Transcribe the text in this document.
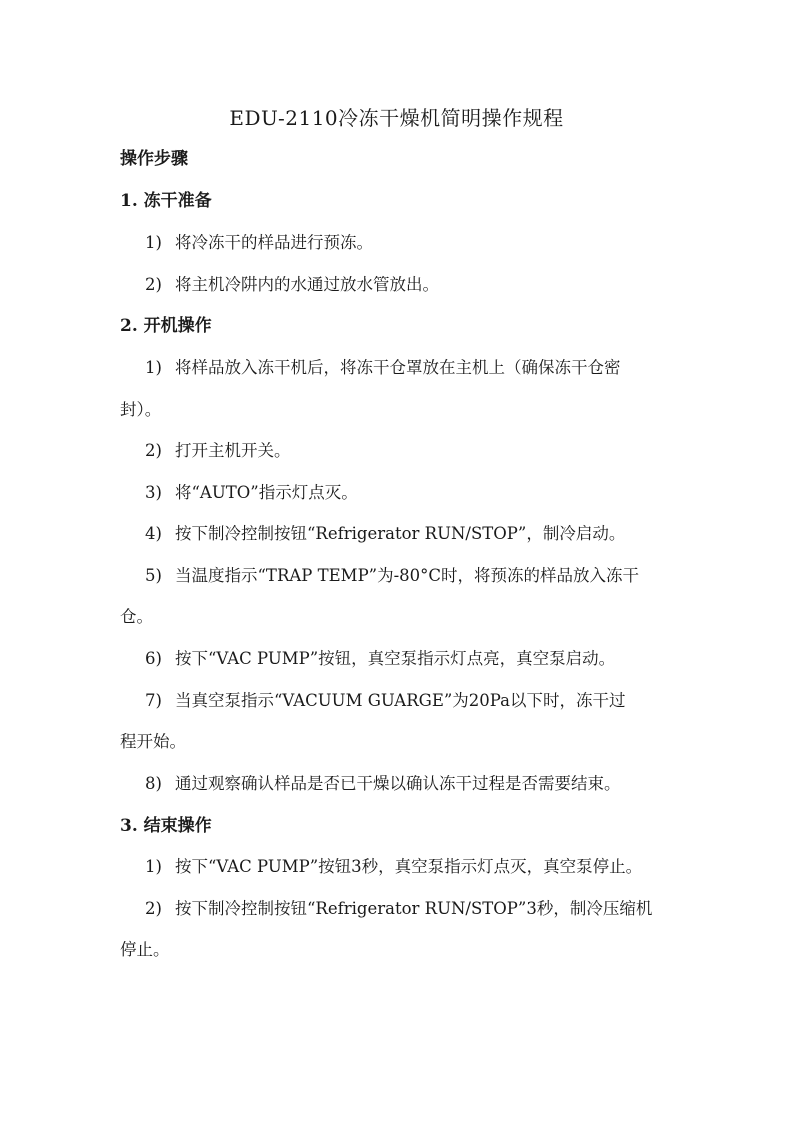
EDU-2110冷冻干燥机简明操作规程
操作步骤
1. 冻干准备
1) 将冷冻干的样品进行预冻。
2) 将主机冷阱内的水通过放水管放出。
2. 开机操作
1) 将样品放入冻干机后，将冻干仓罩放在主机上（确保冻干仓密
封）。
2) 打开主机开关。
3) 将“AUTO”指示灯点灭。
4) 按下制冷控制按钮“Refrigerator RUN/STOP”，制冷启动。
5) 当温度指示“TRAP TEMP”为-80°C时，将预冻的样品放入冻干
仓。
6) 按下“VAC PUMP”按钮，真空泵指示灯点亮，真空泵启动。
7) 当真空泵指示“VACUUM GUARGE”为20Pa以下时，冻干过
程开始。
8) 通过观察确认样品是否已干燥以确认冻干过程是否需要结束。
3. 结束操作
1) 按下“VAC PUMP”按钮3秒，真空泵指示灯点灭，真空泵停止。
2) 按下制冷控制按钮“Refrigerator RUN/STOP”3秒，制冷压缩机
停止。
